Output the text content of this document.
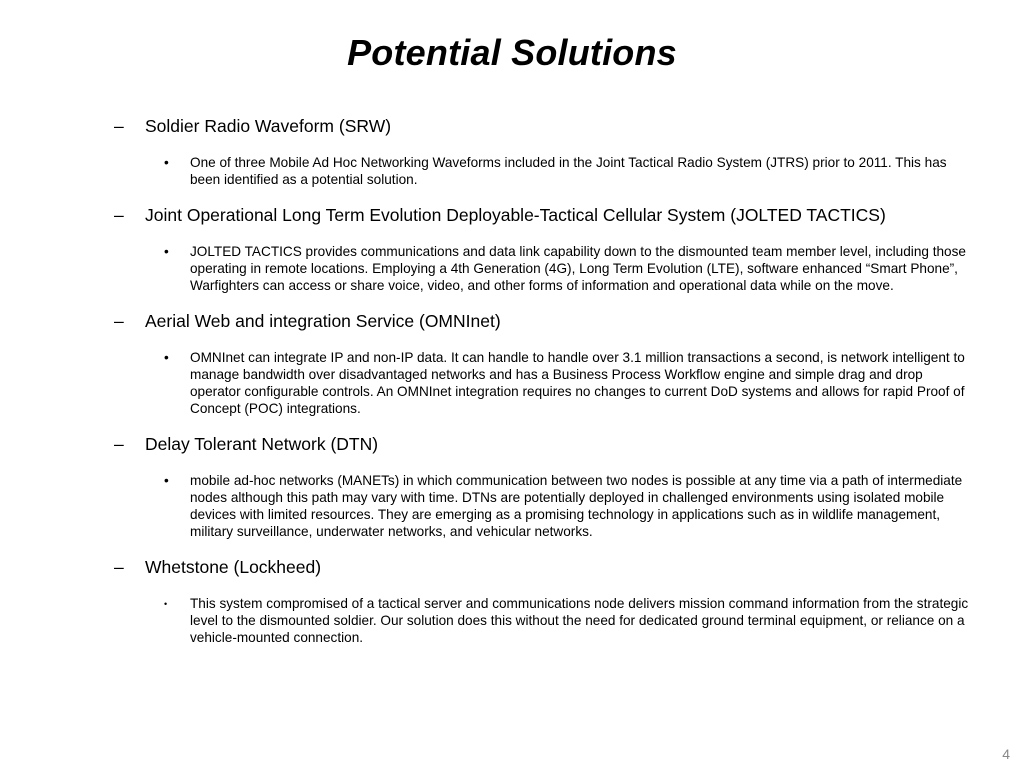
Potential Solutions
– Soldier Radio Waveform (SRW)
• One of three Mobile Ad Hoc Networking Waveforms included in the Joint Tactical Radio System (JTRS) prior to 2011. This has been identified as a potential solution.
– Joint Operational Long Term Evolution Deployable-Tactical Cellular System (JOLTED TACTICS)
• JOLTED TACTICS provides communications and data link capability down to the dismounted team member level, including those operating in remote locations. Employing a 4th Generation (4G), Long Term Evolution (LTE), software enhanced “Smart Phone”, Warfighters can access or share voice, video, and other forms of information and operational data while on the move.
– Aerial Web and integration Service (OMNInet)
• OMNInet can integrate IP and non-IP data. It can handle to handle over 3.1 million transactions a second, is network intelligent to manage bandwidth over disadvantaged networks and has a Business Process Workflow engine and simple drag and drop operator configurable controls. An OMNInet integration requires no changes to current DoD systems and allows for rapid Proof of Concept (POC) integrations.
– Delay Tolerant Network (DTN)
• mobile ad-hoc networks (MANETs) in which communication between two nodes is possible at any time via a path of intermediate nodes although this path may vary with time. DTNs are potentially deployed in challenged environments using isolated mobile devices with limited resources. They are emerging as a promising technology in applications such as in wildlife management, military surveillance, underwater networks, and vehicular networks.
– Whetstone (Lockheed)
• This system compromised of a tactical server and communications node delivers mission command information from the strategic level to the dismounted soldier. Our solution does this without the need for dedicated ground terminal equipment, or reliance on a vehicle-mounted connection.
4
